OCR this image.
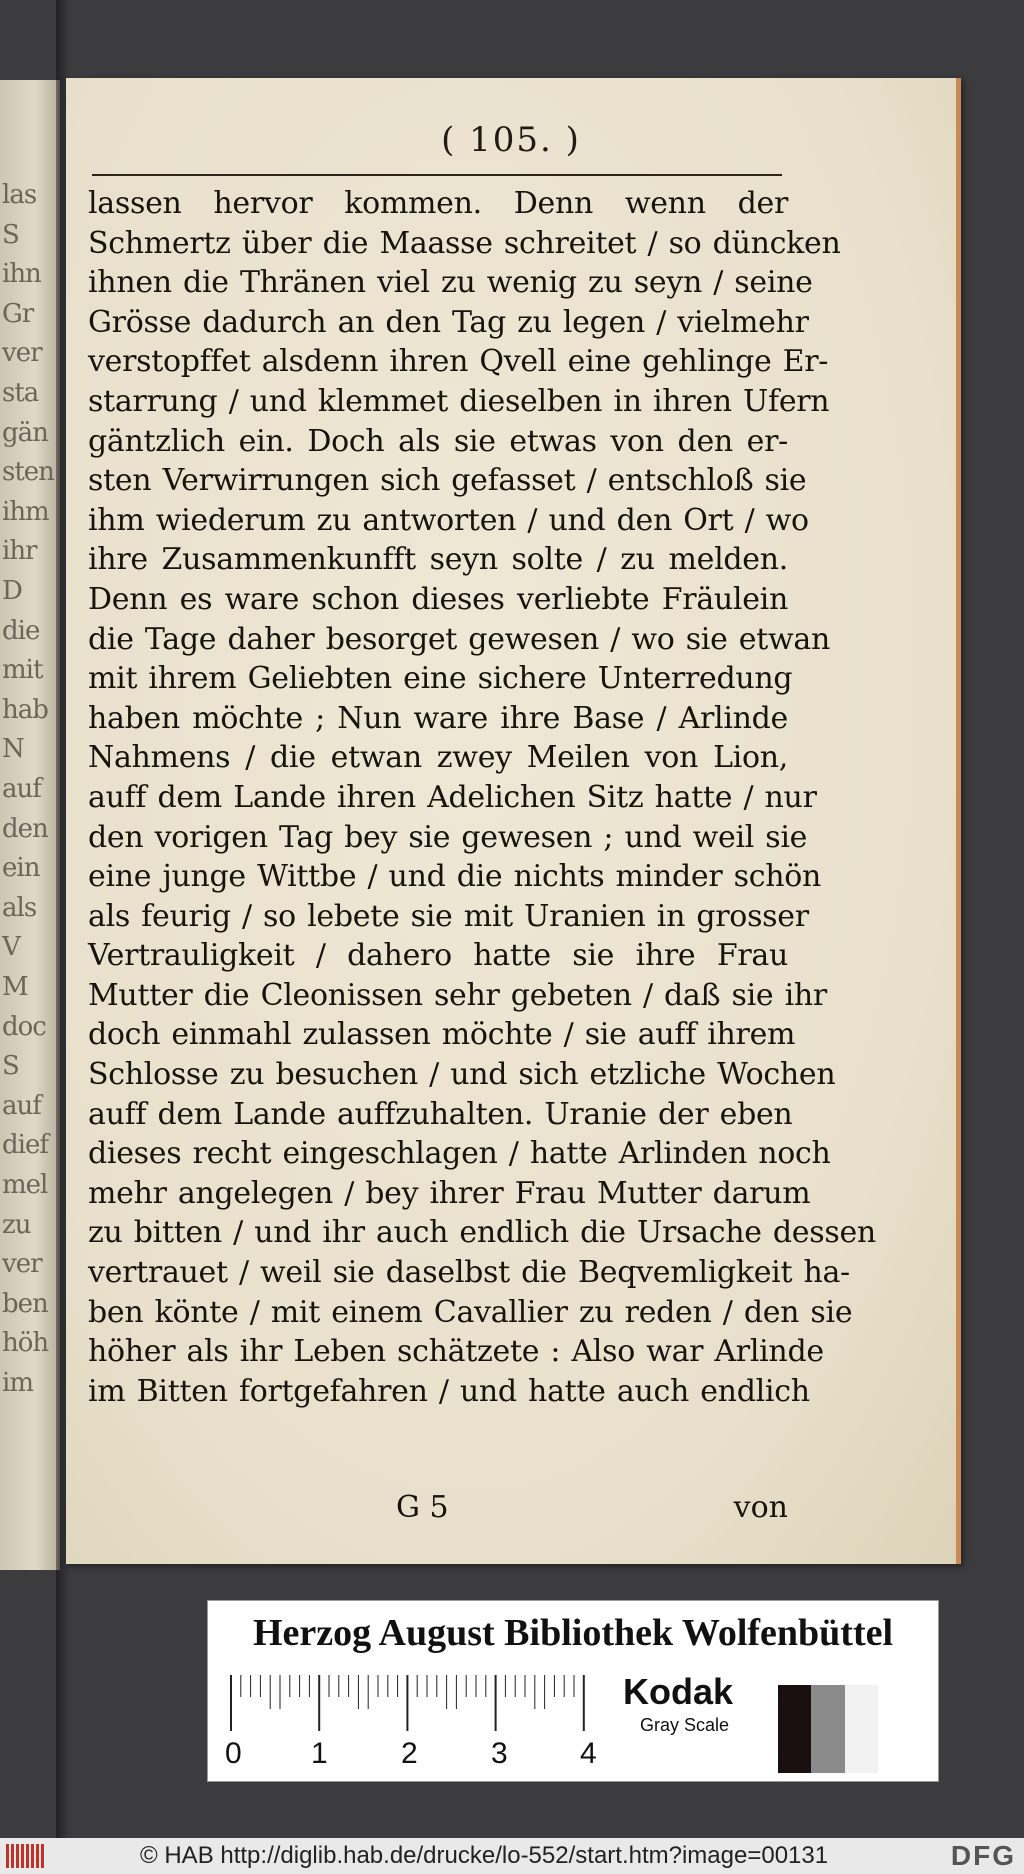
las
S
ihn
Gr
ver
sta
gän
sten
ihm
ihr
D
die
mit
hab
N
auf
den
ein
als
V
M
doc
S
auf
dief
mel
zu
ver
ben
höh
im
( 105. )
lassen hervor kommen. Denn wenn der
Schmertz über die Maasse schreitet / so düncken
ihnen die Thränen viel zu wenig zu seyn / seine
Grösse dadurch an den Tag zu legen / vielmehr
verstopffet alsdenn ihren Qvell eine gehlinge Er-
starrung / und klemmet dieselben in ihren Ufern
gäntzlich ein. Doch als sie etwas von den er-
sten Verwirrungen sich gefasset / entschloß sie
ihm wiederum zu antworten / und den Ort / wo
ihre Zusammenkunfft seyn solte / zu melden.
Denn es ware schon dieses verliebte Fräulein
die Tage daher besorget gewesen / wo sie etwan
mit ihrem Geliebten eine sichere Unterredung
haben möchte ; Nun ware ihre Base / Arlinde
Nahmens / die etwan zwey Meilen von Lion,
auff dem Lande ihren Adelichen Sitz hatte / nur
den vorigen Tag bey sie gewesen ; und weil sie
eine junge Wittbe / und die nichts minder schön
als feurig / so lebete sie mit Uranien in grosser
Vertrauligkeit / dahero hatte sie ihre Frau
Mutter die Cleonissen sehr gebeten / daß sie ihr
doch einmahl zulassen möchte / sie auff ihrem
Schlosse zu besuchen / und sich etzliche Wochen
auff dem Lande auffzuhalten. Uranie der eben
dieses recht eingeschlagen / hatte Arlinden noch
mehr angelegen / bey ihrer Frau Mutter darum
zu bitten / und ihr auch endlich die Ursache dessen
vertrauet / weil sie daselbst die Beqvemligkeit ha-
ben könte / mit einem Cavallier zu reden / den sie
höher als ihr Leben schätzete : Also war Arlinde
im Bitten fortgefahren / und hatte auch endlich
G 5	von
Herzog August Bibliothek Wolfenbüttel
0 1 2 3 4
Kodak
Gray Scale
© HAB http://diglib.hab.de/drucke/lo-552/start.htm?image=00131	DFG
